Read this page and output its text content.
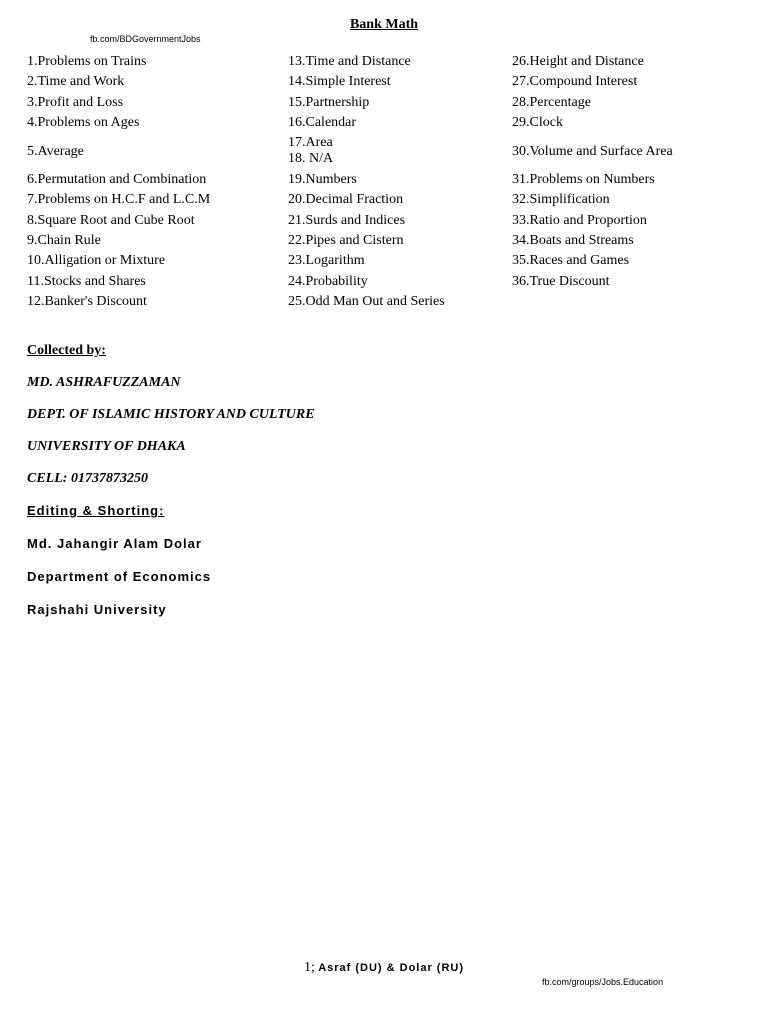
Bank Math
fb.com/BDGovernmentJobs
1.Problems on Trains
2.Time and Work
3.Profit and Loss
4.Problems on Ages
5.Average
6.Permutation and Combination
7.Problems on H.C.F and L.C.M
8.Square Root and Cube Root
9.Chain Rule
10.Alligation or Mixture
11.Stocks and Shares
12.Banker's Discount
13.Time and Distance
14.Simple Interest
15.Partnership
16.Calendar
17.Area
18. N/A
19.Numbers
20.Decimal Fraction
21.Surds and Indices
22.Pipes and Cistern
23.Logarithm
24.Probability
25.Odd Man Out and Series
26.Height and Distance
27.Compound Interest
28.Percentage
29.Clock
30.Volume and Surface Area
31.Problems on Numbers
32.Simplification
33.Ratio and Proportion
34.Boats and Streams
35.Races and Games
36.True Discount
Collected by:
MD. ASHRAFUZZAMAN
DEPT. OF ISLAMIC HISTORY AND CULTURE
UNIVERSITY OF DHAKA
CELL: 01737873250
Editing & Shorting:
Md. Jahangir Alam Dolar
Department of Economics
Rajshahi University
1; Asraf (DU) & Dolar (RU)
fb.com/groups/Jobs.Education
